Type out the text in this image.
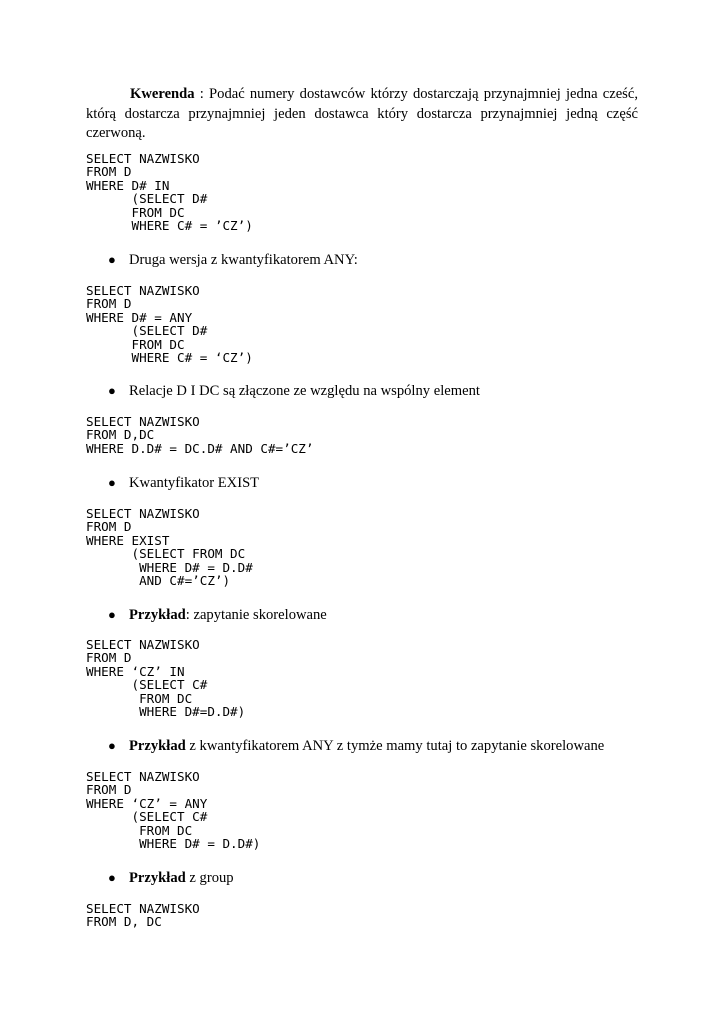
Kwerenda : Podać numery dostawców którzy dostarczają przynajmniej jedna cześć, którą dostarcza przynajmniej jeden dostawca który dostarcza przynajmniej jedną część czerwoną.

SELECT NAZWISKO
FROM D
WHERE D# IN
(SELECT D#
FROM DC
WHERE C# = ’CZ’)
● Druga wersja z kwantyfikatorem ANY:
SELECT NAZWISKO
FROM D
WHERE D# = ANY
(SELECT D#
FROM DC
WHERE C# = ‘CZ’)
● Relacje D I DC są złączone ze względu na wspólny element
SELECT NAZWISKO
FROM D,DC
WHERE D.D# = DC.D# AND C#=’CZ’
● Kwantyfikator EXIST
SELECT NAZWISKO
FROM D
WHERE EXIST
(SELECT FROM DC
WHERE D# = D.D#
AND C#=’CZ’)
● Przykład: zapytanie skorelowane
SELECT NAZWISKO
FROM D
WHERE ‘CZ’ IN
(SELECT C#
FROM DC
WHERE D#=D.D#)
● Przykład z kwantyfikatorem ANY z tymże mamy tutaj to zapytanie skorelowane
SELECT NAZWISKO
FROM D
WHERE ‘CZ’ = ANY
(SELECT C#
FROM DC
WHERE D# = D.D#)
● Przykład z group
SELECT NAZWISKO
FROM D, DC
